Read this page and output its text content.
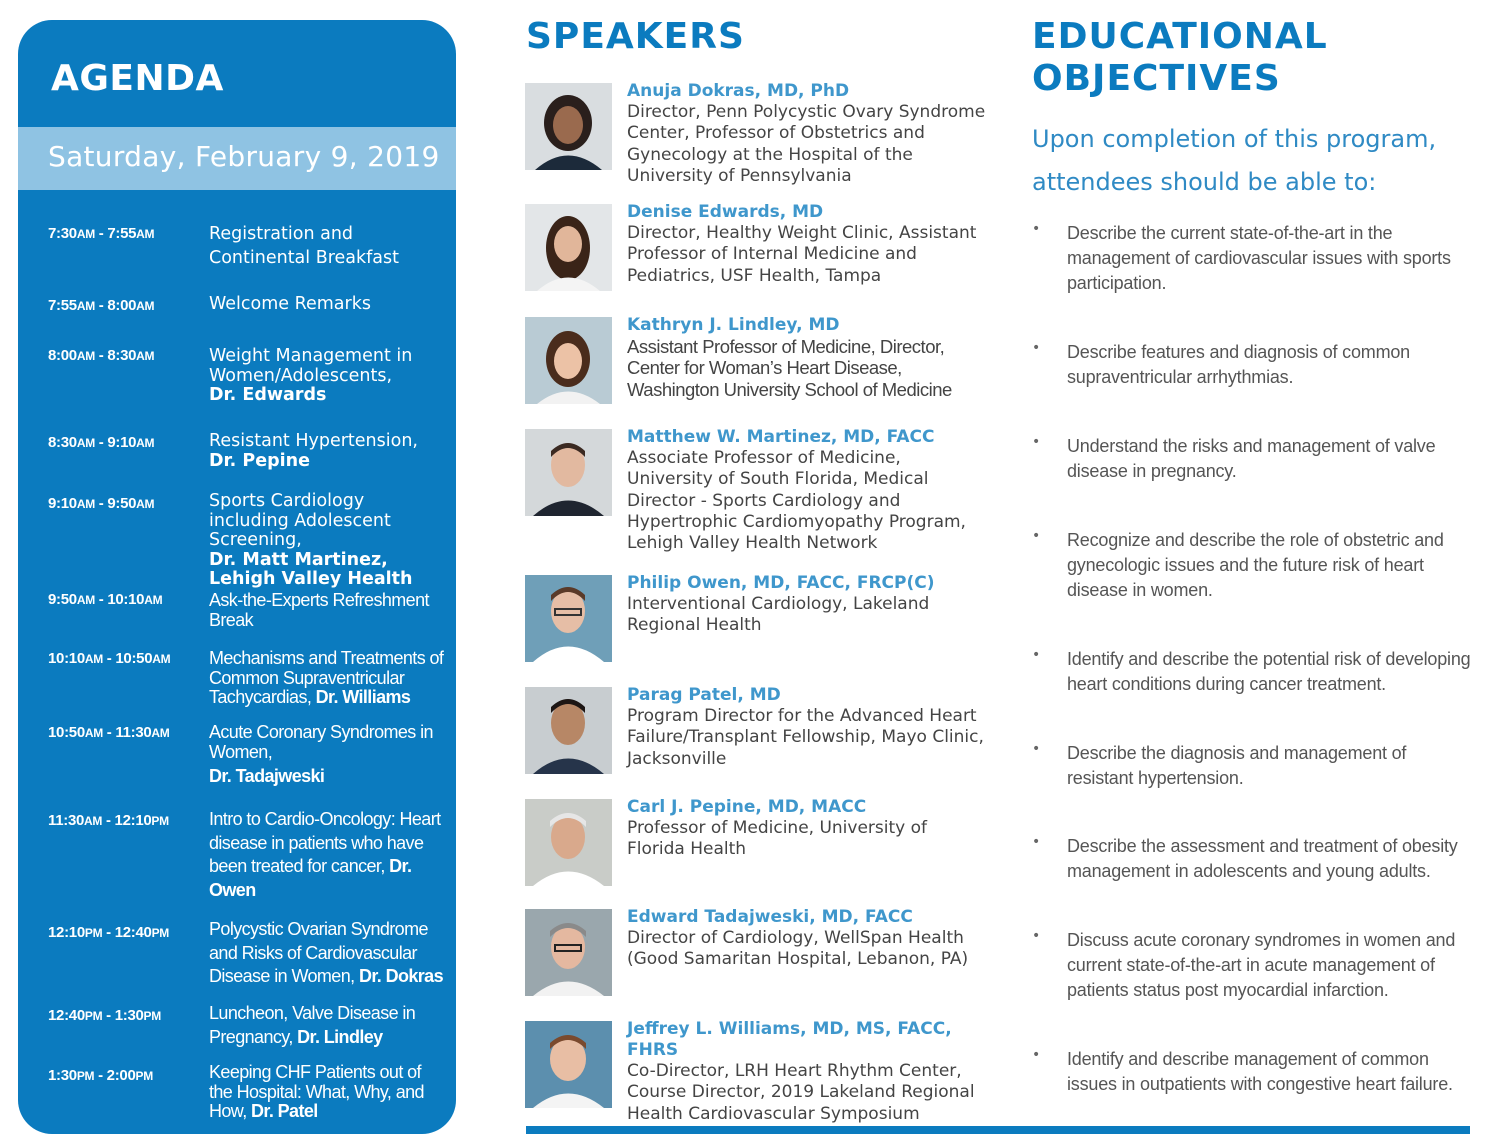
AGENDA
Saturday, February 9, 2019
7:30AM - 7:55AM	Registration and Continental Breakfast
7:55AM - 8:00AM	Welcome Remarks
8:00AM - 8:30AM	Weight Management in Women/Adolescents,
Dr. Edwards
8:30AM - 9:10AM	Resistant Hypertension,
Dr. Pepine
9:10AM - 9:50AM	Sports Cardiology including Adolescent Screening,
Dr. Matt Martinez, Lehigh Valley Health
9:50AM - 10:10AM	Ask-the-Experts Refreshment Break
10:10AM - 10:50AM	Mechanisms and Treatments of Common Supraventricular Tachycardias, Dr. Williams
10:50AM - 11:30AM	Acute Coronary Syndromes in Women,
Dr. Tadajweski
11:30AM - 12:10PM	Intro to Cardio-Oncology: Heart disease in patients who have been treated for cancer, Dr. Owen
12:10PM - 12:40PM	Polycystic Ovarian Syndrome and Risks of Cardiovascular Disease in Women, Dr. Dokras
12:40PM - 1:30PM	Luncheon, Valve Disease in Pregnancy, Dr. Lindley
1:30PM - 2:00PM	Keeping CHF Patients out of the Hospital: What, Why, and How, Dr. Patel
SPEAKERS
Anuja Dokras, MD, PhD
Director, Penn Polycystic Ovary Syndrome Center, Professor of Obstetrics and Gynecology at the Hospital of the University of Pennsylvania
Denise Edwards, MD
Director, Healthy Weight Clinic, Assistant Professor of Internal Medicine and Pediatrics, USF Health, Tampa
Kathryn J. Lindley, MD
Assistant Professor of Medicine, Director, Center for Woman’s Heart Disease, Washington University School of Medicine
Matthew W. Martinez, MD, FACC
Associate Professor of Medicine, University of South Florida, Medical Director - Sports Cardiology and Hypertrophic Cardiomyopathy Program, Lehigh Valley Health Network
Philip Owen, MD, FACC, FRCP(C)
Interventional Cardiology, Lakeland Regional Health
Parag Patel, MD
Program Director for the Advanced Heart Failure/Transplant Fellowship, Mayo Clinic, Jacksonville
Carl J. Pepine, MD, MACC
Professor of Medicine, University of Florida Health
Edward Tadajweski, MD, FACC
Director of Cardiology, WellSpan Health (Good Samaritan Hospital, Lebanon, PA)
Jeffrey L. Williams, MD, MS, FACC, FHRS
Co-Director, LRH Heart Rhythm Center, Course Director, 2019 Lakeland Regional Health Cardiovascular Symposium
EDUCATIONAL
OBJECTIVES
Upon completion of this program, attendees should be able to:
• Describe the current state-of-the-art in the management of cardiovascular issues with sports participation.
• Describe features and diagnosis of common supraventricular arrhythmias.
• Understand the risks and management of valve disease in pregnancy.
• Recognize and describe the role of obstetric and gynecologic issues and the future risk of heart disease in women.
• Identify and describe the potential risk of developing heart conditions during cancer treatment.
• Describe the diagnosis and management of resistant hypertension.
• Describe the assessment and treatment of obesity management in adolescents and young adults.
• Discuss acute coronary syndromes in women and current state-of-the-art in acute management of patients status post myocardial infarction.
• Identify and describe management of common issues in outpatients with congestive heart failure.
